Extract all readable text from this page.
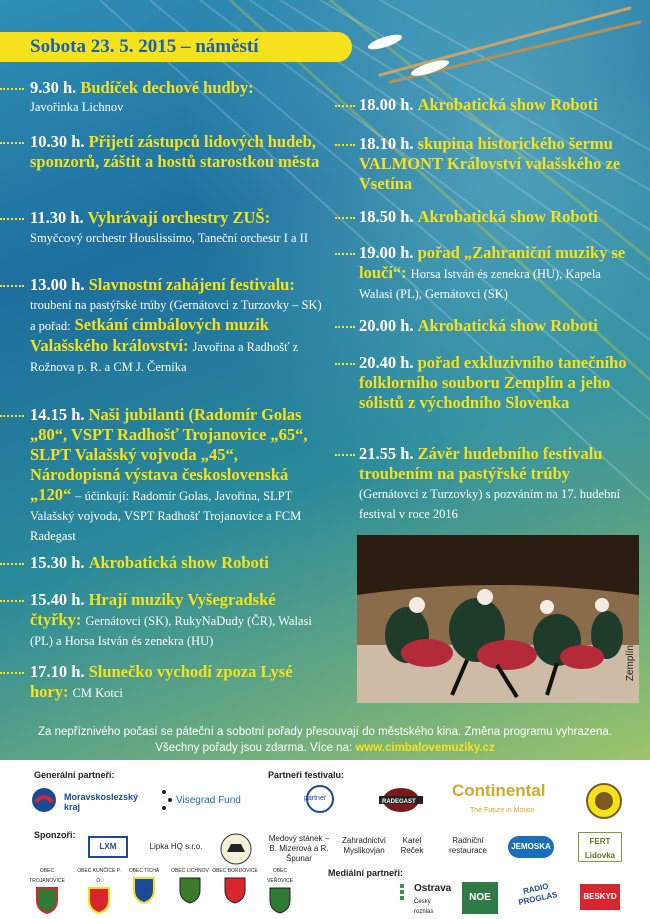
Sobota 23. 5. 2015 – náměstí

9.30 h. Budíček dechové hudby:

Javořinka Lichnov

10.30 h. Přijetí zástupců lidových hudeb, sponzorů, záštit a hostů starostkou města

11.30 h. Vyhrávají orchestry ZUŠ: Smyčcový orchestr Houslissimo, Taneční orchestr I a II

13.00 h. Slavnostní zahájení festivalu: troubení na pastýřské trúby (Gernátovci z Turzovky – SK) a pořad: Setkání cimbálových muzik Valašského království: Javořina a Radhošť z Rožnova p. R. a CM J. Černíka

14.15 h. Naši jubilanti (Radomír Golas „80“, VSPT Radhošť Trojanovice „65“, SLPT Valašský vojvoda „45“, Národopisná výstava československá „120“ – účinkují: Radomír Golas, Javořina, SLPT Valašský vojvoda, VSPT Radhošť Trojanovice a FCM Radegast

15.30 h. Akrobatická show Roboti

15.40 h. Hrají muziky Vyšegradské čtyřky: Gernátovci (SK), RukyNaDudy (ČR), Walasi (PL) a Horsa István és zenekra (HU)

17.10 h. Slunečko vychodí zpoza Lysé hory: CM Kotci

18.00 h. Akrobatická show Roboti

18.10 h. skupina historického šermu VALMONT Království valašského ze Vsetína

18.50 h. Akrobatická show Roboti

19.00 h. pořad „Zahraniční muziky se loučí“: Horsa István és zenekra (HU), Kapela Walasi (PL), Gernátovci (SK)

20.00 h. Akrobatická show Roboti

20.40 h. pořad exkluzivního tanečního folklorního souboru Zemplín a jeho sólistů z východního Slovenka

21.55 h. Závěr hudebního festivalu troubením na pastýřské trúby (Gernátovci z Turzovky) s pozváním na 17. hudební festival v roce 2016

Zemplín

Za nepříznivého počasí se páteční a sobotní pořady přesouvají do městského kina. Změna programu vyhrazena.

Všechny pořady jsou zdarma. Více na: www.cimbalovemuziky.cz

Generální partneři:	Partneři festivalu:
Moravskoslezský kraj
Visegrad Fund	partner	RADEGAST
Continental
The Future in Motion
Sponzoři:
LXM	Lipka HQ s.r.o.
Medový stánek – B. Mizerová a R. Špunar
Zahradnictví Myslikovjan
Karel Reček
Radniční restaurace	JEMOSKA
FERT Lidovka
OBEC TROJANOVICE
OBEC KUNČICE P. O.
OBEC TICHÁ	OBEC LICHNOV OBEC BORDOVICE	OBEC VEŘOVICE
Mediální partneři:
Ostrava
Český rozhlas
NOE
RADIO PROGLAS	BESKYD
